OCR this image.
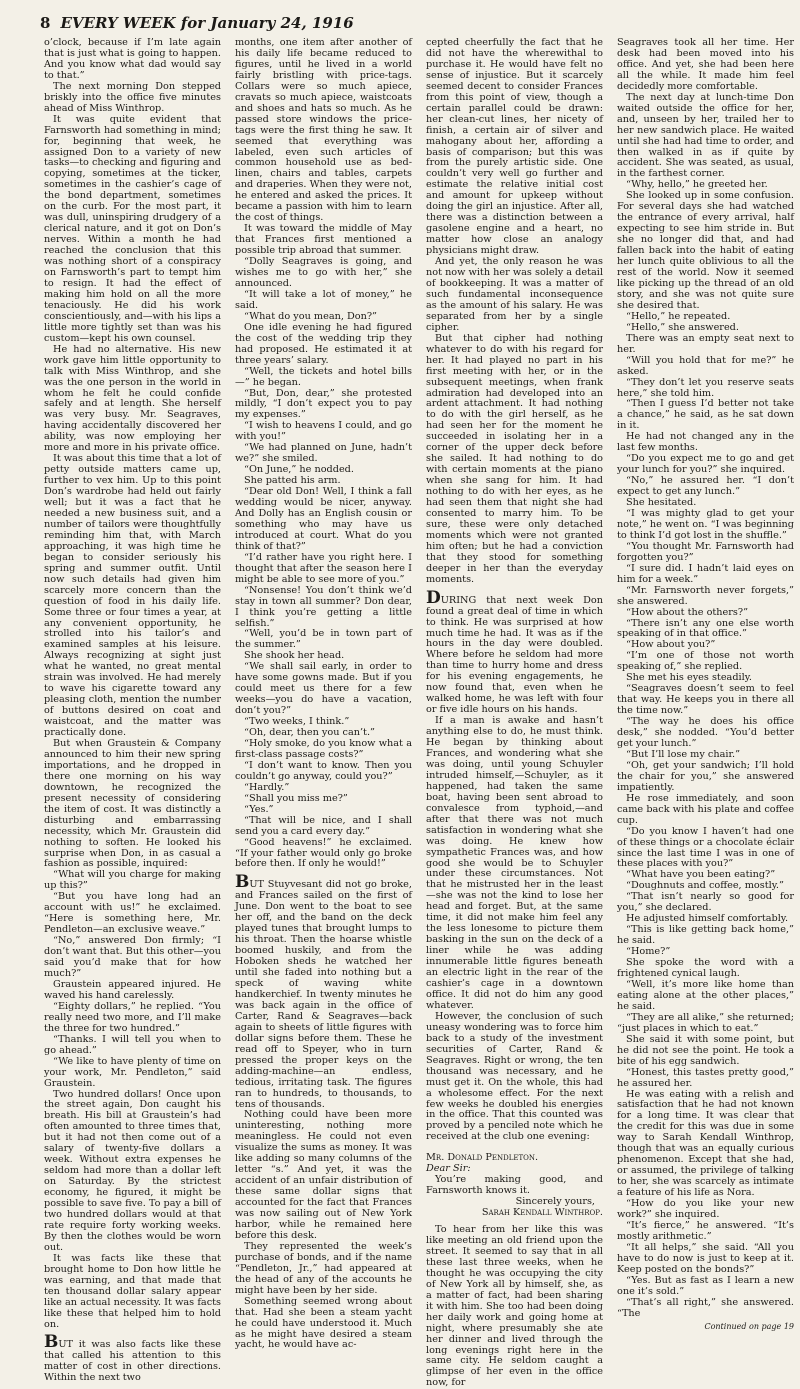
8 EVERY WEEK for January 24, 1916

o’clock, because if I’m late again that is just what is going to happen. And you know what dad would say to that.”

The next morning Don stepped briskly into the office five minutes ahead of Miss Winthrop.

It was quite evident that Farnsworth had something in mind; for, beginning that week, he assigned Don to a variety of new tasks—to checking and figuring and copying, sometimes at the ticker, sometimes in the cashier’s cage of the bond department, sometimes on the curb. For the most part, it was dull, uninspiring drudgery of a clerical nature, and it got on Don’s nerves. Within a month he had reached the conclusion that this was nothing short of a conspiracy on Farnsworth’s part to tempt him to resign. It had the effect of making him hold on all the more tenaciously. He did his work conscientiously, and—with his lips a little more tightly set than was his custom—kept his own counsel.

He had no alternative. His new work gave him little opportunity to talk with Miss Winthrop, and she was the one person in the world in whom he felt he could confide safely and at length. She herself was very busy. Mr. Seagraves, having accidentally discovered her ability, was now employing her more and more in his private office.

It was about this time that a lot of petty outside matters came up, further to vex him. Up to this point Don’s wardrobe had held out fairly well; but it was a fact that he needed a new business suit, and a number of tailors were thoughtfully reminding him that, with March approaching, it was high time he began to consider seriously his spring and summer outfit. Until now such details had given him scarcely more concern than the question of food in his daily life. Some three or four times a year, at any convenient opportunity, he strolled into his tailor’s and examined samples at his leisure. Always recognizing at sight just what he wanted, no great mental strain was involved. He had merely to wave his cigarette toward any pleasing cloth, mention the number of buttons desired on coat and waistcoat, and the matter was practically done.

But when Graustein & Company announced to him their new spring importations, and he dropped in there one morning on his way downtown, he recognized the present necessity of considering the item of cost. It was distinctly a disturbing and embarrassing necessity, which Mr. Graustein did nothing to soften. He looked his surprise when Don, in as casual a fashion as possible, inquired:

“What will you charge for making up this?”

“But you have long had an account with us!” he exclaimed. “Here is something here, Mr. Pendleton—an exclusive weave.”

“No,” answered Don firmly; “I don’t want that. But this other—you said you’d make that for how much?”

Graustein appeared injured. He waved his hand carelessly.

“Eighty dollars,” he replied. “You really need two more, and I’ll make the three for two hundred.”

“Thanks. I will tell you when to go ahead.”

“We like to have plenty of time on your work, Mr. Pendleton,” said Graustein.

Two hundred dollars! Once upon the street again, Don caught his breath. His bill at Graustein’s had often amounted to three times that, but it had not then come out of a salary of twenty-five dollars a week. Without extra expenses he seldom had more than a dollar left on Saturday. By the strictest economy, he figured, it might be possible to save five. To pay a bill of two hundred dollars would at that rate require forty working weeks. By then the clothes would be worn out.

It was facts like these that brought home to Don how little he was earning, and that made that ten thousand dollar salary appear like an actual necessity. It was facts like these that helped him to hold on.

BUT it was also facts like these that called his attention to this matter of cost in other directions. Within the next two

months, one item after another of his daily life became reduced to figures, until he lived in a world fairly bristling with price-tags. Collars were so much apiece, cravats so much apiece, waistcoats and shoes and hats so much. As he passed store windows the price-tags were the first thing he saw. It seemed that everything was labeled, even such articles of common household use as bed-linen, chairs and tables, carpets and draperies. When they were not, he entered and asked the prices. It became a passion with him to learn the cost of things.

It was toward the middle of May that Frances first mentioned a possible trip abroad that summer.

“Dolly Seagraves is going, and wishes me to go with her,” she announced.

“It will take a lot of money,” he said.

“What do you mean, Don?”

One idle evening he had figured the cost of the wedding trip they had proposed. He estimated it at three years’ salary.

“Well, the tickets and hotel bills—” he began.

“But, Don, dear,” she protested mildly, “I don’t expect you to pay my expenses.”

“I wish to heavens I could, and go with you!”

“We had planned on June, hadn’t we?” she smiled.

“On June,” he nodded.

She patted his arm.

“Dear old Don! Well, I think a fall wedding would be nicer, anyway. And Dolly has an English cousin or something who may have us introduced at court. What do you think of that?”

“I’d rather have you right here. I thought that after the season here I might be able to see more of you.”

“Nonsense! You don’t think we’d stay in town all summer? Don dear, I think you’re getting a little selfish.”

“Well, you’d be in town part of the summer.”

She shook her head.

“We shall sail early, in order to have some gowns made. But if you could meet us there for a few weeks—you do have a vacation, don’t you?”

“Two weeks, I think.”

“Oh, dear, then you can’t.”

“Holy smoke, do you know what a first-class passage costs?”

“I don’t want to know. Then you couldn’t go anyway, could you?”

“Hardly.”

“Shall you miss me?”

“Yes.”

“That will be nice, and I shall send you a card every day.”

“Good heavens!” he exclaimed. “If your father would only go broke before then. If only he would!”

BUT Stuyvesant did not go broke, and Frances sailed on the first of June. Don went to the boat to see her off, and the band on the deck played tunes that brought lumps to his throat. Then the hoarse whistle boomed huskily, and from the Hoboken sheds he watched her until she faded into nothing but a speck of waving white handkerchief. In twenty minutes he was back again in the office of Carter, Rand & Seagraves—back again to sheets of little figures with dollar signs before them. These he read off to Speyer, who in turn pressed the proper keys on the adding-machine—an endless, tedious, irritating task. The figures ran to hundreds, to thousands, to tens of thousands.

Nothing could have been more uninteresting, nothing more meaningless. He could not even visualize the sums as money. It was like adding so many columns of the letter “s.” And yet, it was the accident of an unfair distribution of these same dollar signs that accounted for the fact that Frances was now sailing out of New York harbor, while he remained here before this desk.

They represented the week’s purchase of bonds, and if the name “Pendleton, Jr.,” had appeared at the head of any of the accounts he might have been by her side.

Something seemed wrong about that. Had she been a steam yacht he could have understood it. Much as he might have desired a steam yacht, he would have ac-

cepted cheerfully the fact that he did not have the wherewithal to purchase it. He would have felt no sense of injustice. But it scarcely seemed decent to consider Frances from this point of view, though a certain parallel could be drawn: her clean-cut lines, her nicety of finish, a certain air of silver and mahogany about her, affording a basis of comparison; but this was from the purely artistic side. One couldn’t very well go further and estimate the relative initial cost and amount for upkeep without doing the girl an injustice. After all, there was a distinction between a gasolene engine and a heart, no matter how close an analogy physicians might draw.

And yet, the only reason he was not now with her was solely a detail of bookkeeping. It was a matter of such fundamental inconsequence as the amount of his salary. He was separated from her by a single cipher.

But that cipher had nothing whatever to do with his regard for her. It had played no part in his first meeting with her, or in the subsequent meetings, when frank admiration had developed into an ardent attachment. It had nothing to do with the girl herself, as he had seen her for the moment he succeeded in isolating her in a corner of the upper deck before she sailed. It had nothing to do with certain moments at the piano when she sang for him. It had nothing to do with her eyes, as he had seen them that night she had consented to marry him. To be sure, these were only detached moments which were not granted him often; but he had a conviction that they stood for something deeper in her than the everyday moments.

DURING that next week Don found a great deal of time in which to think. He was surprised at how much time he had. It was as if the hours in the day were doubled. Where before he seldom had more than time to hurry home and dress for his evening engagements, he now found that, even when he walked home, he was left with four or five idle hours on his hands.

If a man is awake and hasn’t anything else to do, he must think. He began by thinking about Frances, and wondering what she was doing, until young Schuyler intruded himself,—Schuyler, as it happened, had taken the same boat, having been sent abroad to convalesce from typhoid,—and after that there was not much satisfaction in wondering what she was doing. He knew how sympathetic Frances was, and how good she would be to Schuyler under these circumstances. Not that he mistrusted her in the least—she was not the kind to lose her head and forget. But, at the same time, it did not make him feel any the less lonesome to picture them basking in the sun on the deck of a liner while he was adding innumerable little figures beneath an electric light in the rear of the cashier’s cage in a downtown office. It did not do him any good whatever.

However, the conclusion of such uneasy wondering was to force him back to a study of the investment securities of Carter, Rand & Seagraves. Right or wrong, the ten thousand was necessary, and he must get it. On the whole, this had a wholesome effect. For the next few weeks he doubled his energies in the office. That this counted was proved by a penciled note which he received at the club one evening:

Mr. Donald Pendleton.

Dear Sir:

You’re making good, and Farnsworth knows it.

Sincerely yours,

Sarah Kendall Winthrop.

To hear from her like this was like meeting an old friend upon the street. It seemed to say that in all these last three weeks, when he thought he was occupying the city of New York all by himself, she, as a matter of fact, had been sharing it with him. She too had been doing her daily work and going home at night, where presumably she ate her dinner and lived through the long evenings right here in the same city. He seldom caught a glimpse of her even in the office now, for

Seagraves took all her time. Her desk had been moved into his office. And yet, she had been here all the while. It made him feel decidedly more comfortable.

The next day at lunch-time Don waited outside the office for her, and, unseen by her, trailed her to her new sandwich place. He waited until she had had time to order, and then walked in as if quite by accident. She was seated, as usual, in the farthest corner.

“Why, hello,” he greeted her.

She looked up in some confusion. For several days she had watched the entrance of every arrival, half expecting to see him stride in. But she no longer did that, and had fallen back into the habit of eating her lunch quite oblivious to all the rest of the world. Now it seemed like picking up the thread of an old story, and she was not quite sure she desired that.

“Hello,” he repeated.

“Hello,” she answered.

There was an empty seat next to her.

“Will you hold that for me?” he asked.

“They don’t let you reserve seats here,” she told him.

“Then I guess I’d better not take a chance,” he said, as he sat down in it.

He had not changed any in the last few months.

“Do you expect me to go and get your lunch for you?” she inquired.

“No,” he assured her. “I don’t expect to get any lunch.”

She hesitated.

“I was mighty glad to get your note,” he went on. “I was beginning to think I’d got lost in the shuffle.”

“You thought Mr. Farnsworth had forgotten you?”

“I sure did. I hadn’t laid eyes on him for a week.”

“Mr. Farnsworth never forgets,” she answered.

“How about the others?”

“There isn’t any one else worth speaking of in that office.”

“How about you?”

“I’m one of those not worth speaking of,” she replied.

She met his eyes steadily.

“Seagraves doesn’t seem to feel that way. He keeps you in there all the time now.”

“The way he does his office desk,” she nodded. “You’d better get your lunch.”

“But I’ll lose my chair.”

“Oh, get your sandwich; I’ll hold the chair for you,” she answered impatiently.

He rose immediately, and soon came back with his plate and coffee cup.

“Do you know I haven’t had one of these things or a chocolate éclair since the last time I was in one of these places with you?”

“What have you been eating?”

“Doughnuts and coffee, mostly.”

“That isn’t nearly so good for you,” she declared.

He adjusted himself comfortably.

“This is like getting back home,” he said.

“Home?”

She spoke the word with a frightened cynical laugh.

“Well, it’s more like home than eating alone at the other places,” he said.

“They are all alike,” she returned; “just places in which to eat.”

She said it with some point, but he did not see the point. He took a bite of his egg sandwich.

“Honest, this tastes pretty good,” he assured her.

He was eating with a relish and satisfaction that he had not known for a long time. It was clear that the credit for this was due in some way to Sarah Kendall Winthrop, though that was an equally curious phenomenon. Except that she had, or assumed, the privilege of talking to her, she was scarcely as intimate a feature of his life as Nora.

“How do you like your new work?” she inquired.

“It’s fierce,” he answered. “It’s mostly arithmetic.”

“It all helps,” she said. “All you have to do now is just to keep at it. Keep posted on the bonds?”

“Yes. But as fast as I learn a new one it’s sold.”

“That’s all right,” she answered. “The

Continued on page 19
